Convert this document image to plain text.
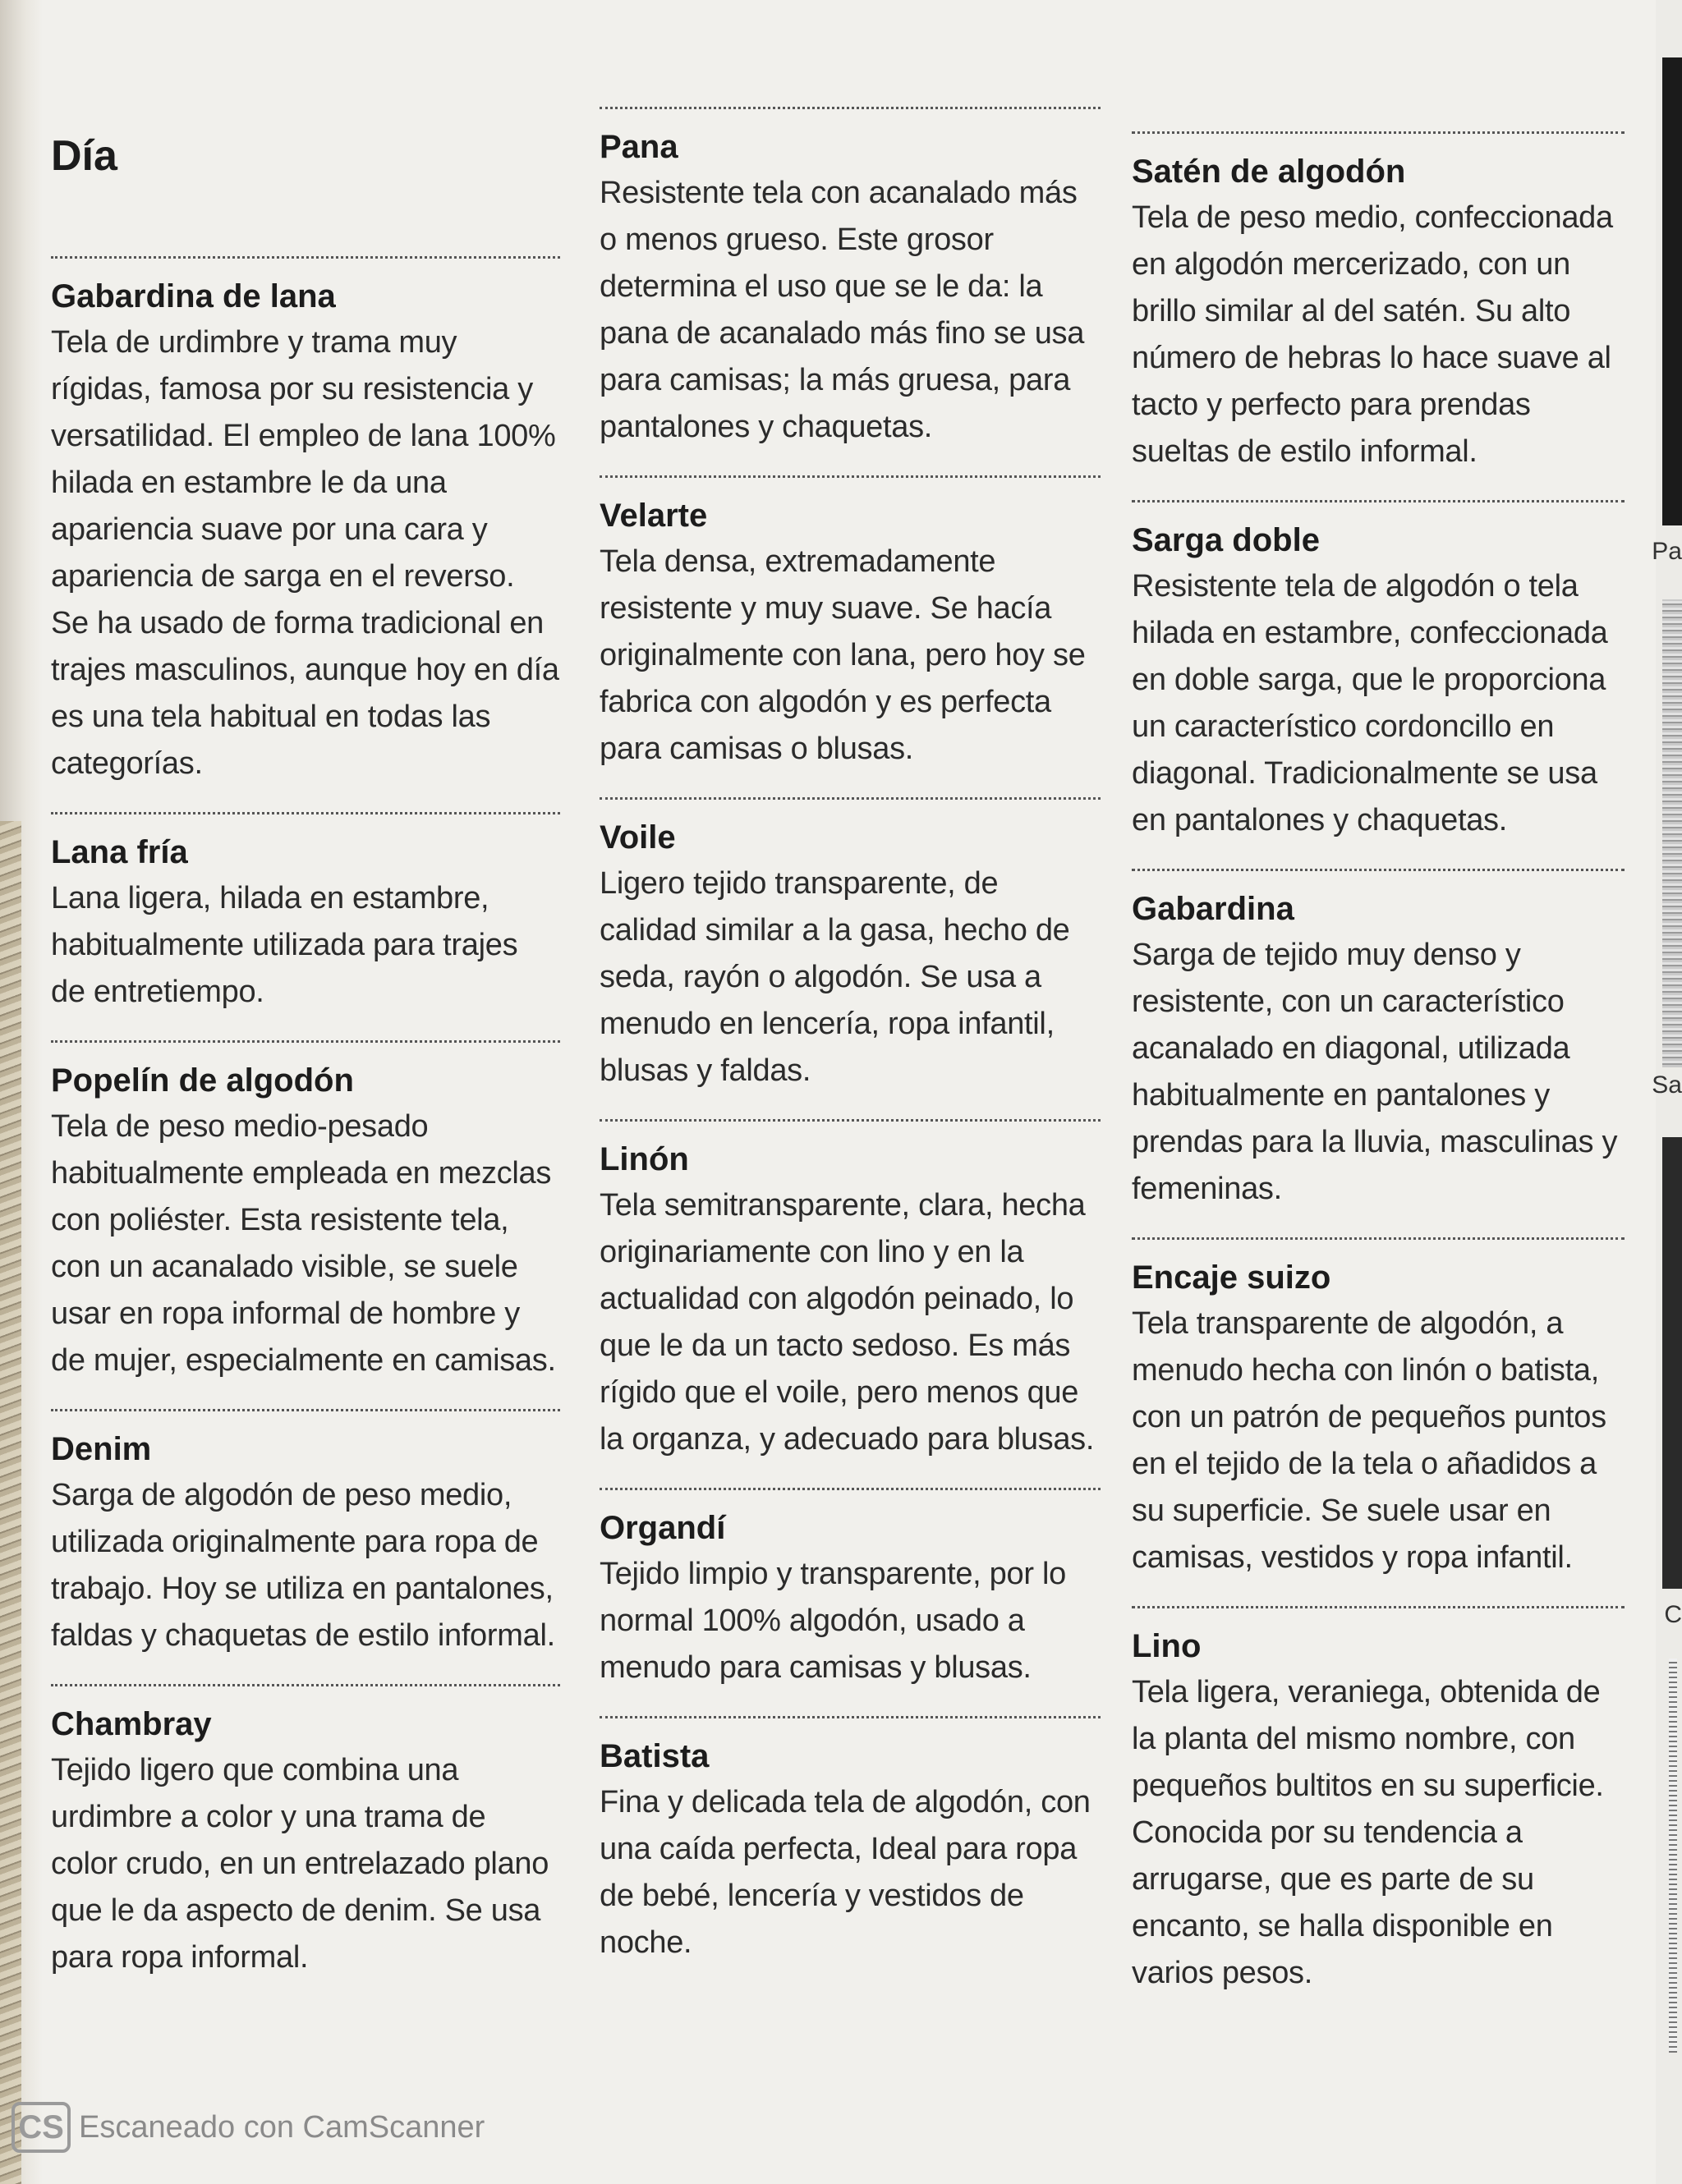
Pa
Sa
C
Día
Gabardina de lana

Tela de urdimbre y trama muy rígidas, famosa por su resistencia y versatilidad. El empleo de lana 100% hilada en estambre le da una apariencia suave por una cara y apariencia de sarga en el reverso. Se ha usado de forma tradicional en trajes masculinos, aunque hoy en día es una tela habitual en todas las categorías.

Lana fría

Lana ligera, hilada en estambre, habitualmente utilizada para trajes de entretiempo.

Popelín de algodón

Tela de peso medio-pesado habitualmente empleada en mezclas con poliéster. Esta resistente tela, con un acanalado visible, se suele usar en ropa informal de hombre y de mujer, especialmente en camisas.

Denim

Sarga de algodón de peso medio, utilizada originalmente para ropa de trabajo. Hoy se utiliza en pantalones, faldas y chaquetas de estilo informal.

Chambray

Tejido ligero que combina una urdimbre a color y una trama de color crudo, en un entrelazado plano que le da aspecto de denim. Se usa para ropa informal.

Pana

Resistente tela con acanalado más o menos grueso. Este grosor determina el uso que se le da: la pana de acanalado más fino se usa para camisas; la más gruesa, para pantalones y chaquetas.

Velarte

Tela densa, extremadamente resistente y muy suave. Se hacía originalmente con lana, pero hoy se fabrica con algodón y es perfecta para camisas o blusas.

Voile

Ligero tejido transparente, de calidad similar a la gasa, hecho de seda, rayón o algodón. Se usa a menudo en lencería, ropa infantil, blusas y faldas.

Linón

Tela semitransparente, clara, hecha originariamente con lino y en la actualidad con algodón peinado, lo que le da un tacto sedoso. Es más rígido que el voile, pero menos que la organza, y adecuado para blusas.

Organdí

Tejido limpio y transparente, por lo normal 100% algodón, usado a menudo para camisas y blusas.

Batista

Fina y delicada tela de algodón, con una caída perfecta, Ideal para ropa de bebé, lencería y vestidos de noche.

Satén de algodón

Tela de peso medio, confeccionada en algodón mercerizado, con un brillo similar al del satén. Su alto número de hebras lo hace suave al tacto y perfecto para prendas sueltas de estilo informal.

Sarga doble

Resistente tela de algodón o tela hilada en estambre, confeccionada en doble sarga, que le proporciona un característico cordoncillo en diagonal. Tradicionalmente se usa en pantalones y chaquetas.

Gabardina

Sarga de tejido muy denso y resistente, con un característico acanalado en diagonal, utilizada habitualmente en pantalones y prendas para la lluvia, masculinas y femeninas.

Encaje suizo

Tela transparente de algodón, a menudo hecha con linón o batista, con un patrón de pequeños puntos en el tejido de la tela o añadidos a su superficie. Se suele usar en camisas, vestidos y ropa infantil.

Lino

Tela ligera, veraniega, obtenida de la planta del mismo nombre, con pequeños bultitos en su superficie. Conocida por su tendencia a arrugarse, que es parte de su encanto, se halla disponible en varios pesos.

CS Escaneado con CamScanner
